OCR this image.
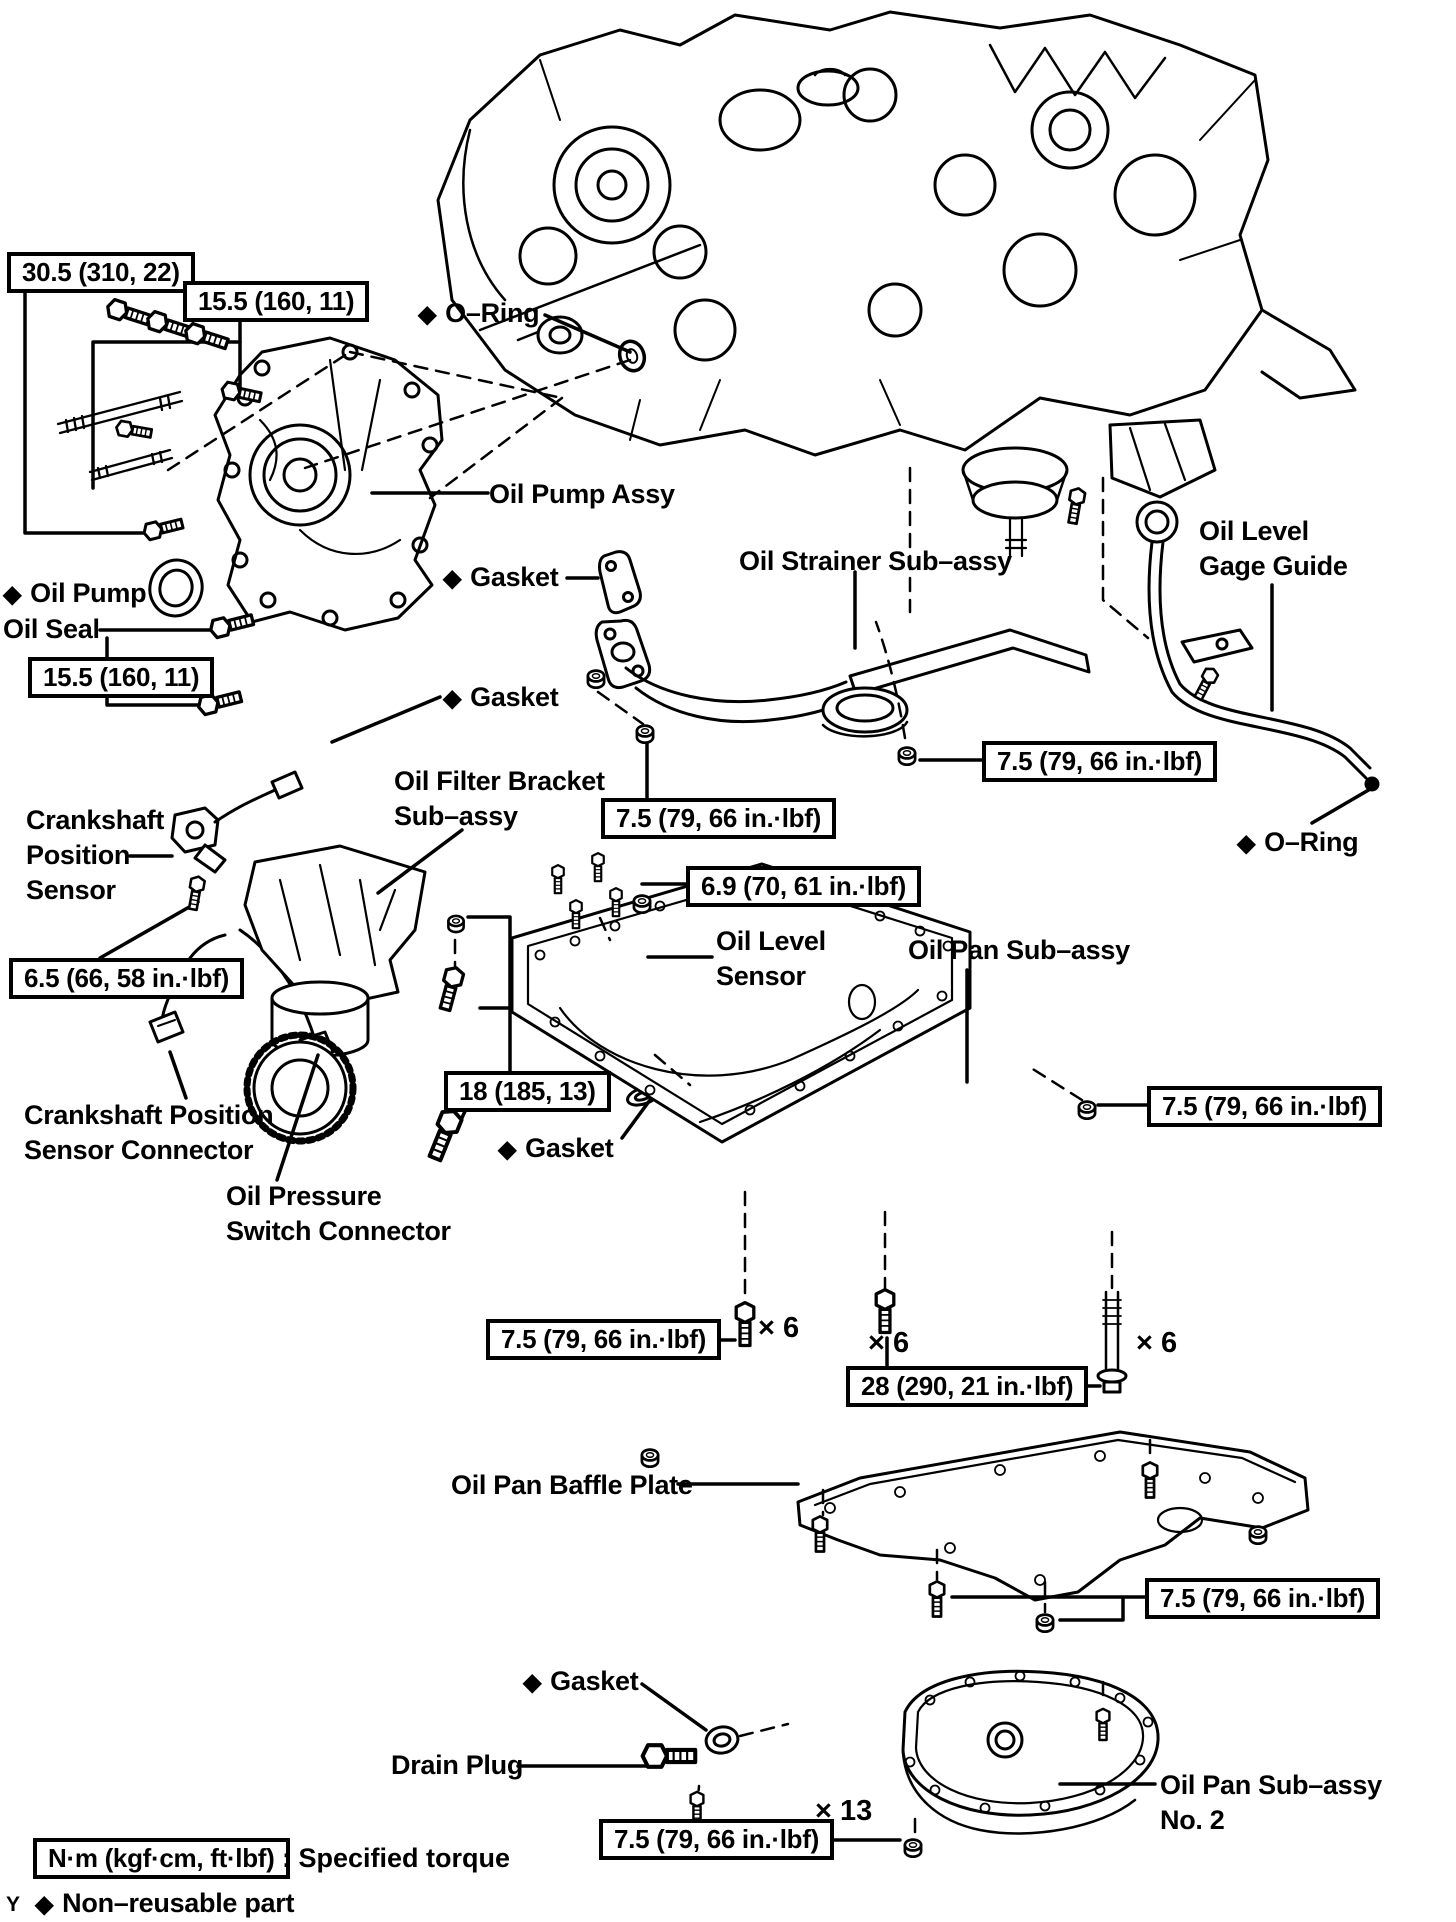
30.5 (310, 22)
15.5 (160, 11)
15.5 (160, 11)
7.5 (79, 66 in.·lbf)
7.5 (79, 66 in.·lbf)
6.9 (70, 61 in.·lbf)
6.5 (66, 58 in.·lbf)
18 (185, 13)	7.5 (79, 66 in.·lbf)
7.5 (79, 66 in.·lbf)
28 (290, 21 in.·lbf)
7.5 (79, 66 in.·lbf)
7.5 (79, 66 in.·lbf)
◆ O–Ring
Oil Pump Assy
◆ Oil Pump
Oil Seal
◆ Gasket
◆ Gasket
Oil Strainer Sub–assy
Oil Level
Gage Guide
◆ O–Ring
Crankshaft
Position
Sensor
Oil Filter Bracket
Sub–assy
Oil Level
Sensor
Oil Pan Sub–assy
Crankshaft Position
Sensor Connector
Oil Pressure
Switch Connector
◆ Gasket
Oil Pan Baffle Plate
◆ Gasket
Drain Plug
Oil Pan Sub–assy
No. 2
× 6 × 6	× 6
× 13
N·m (kgf·cm, ft·lbf) : Specified torque
◆ Non–reusable part
Y
